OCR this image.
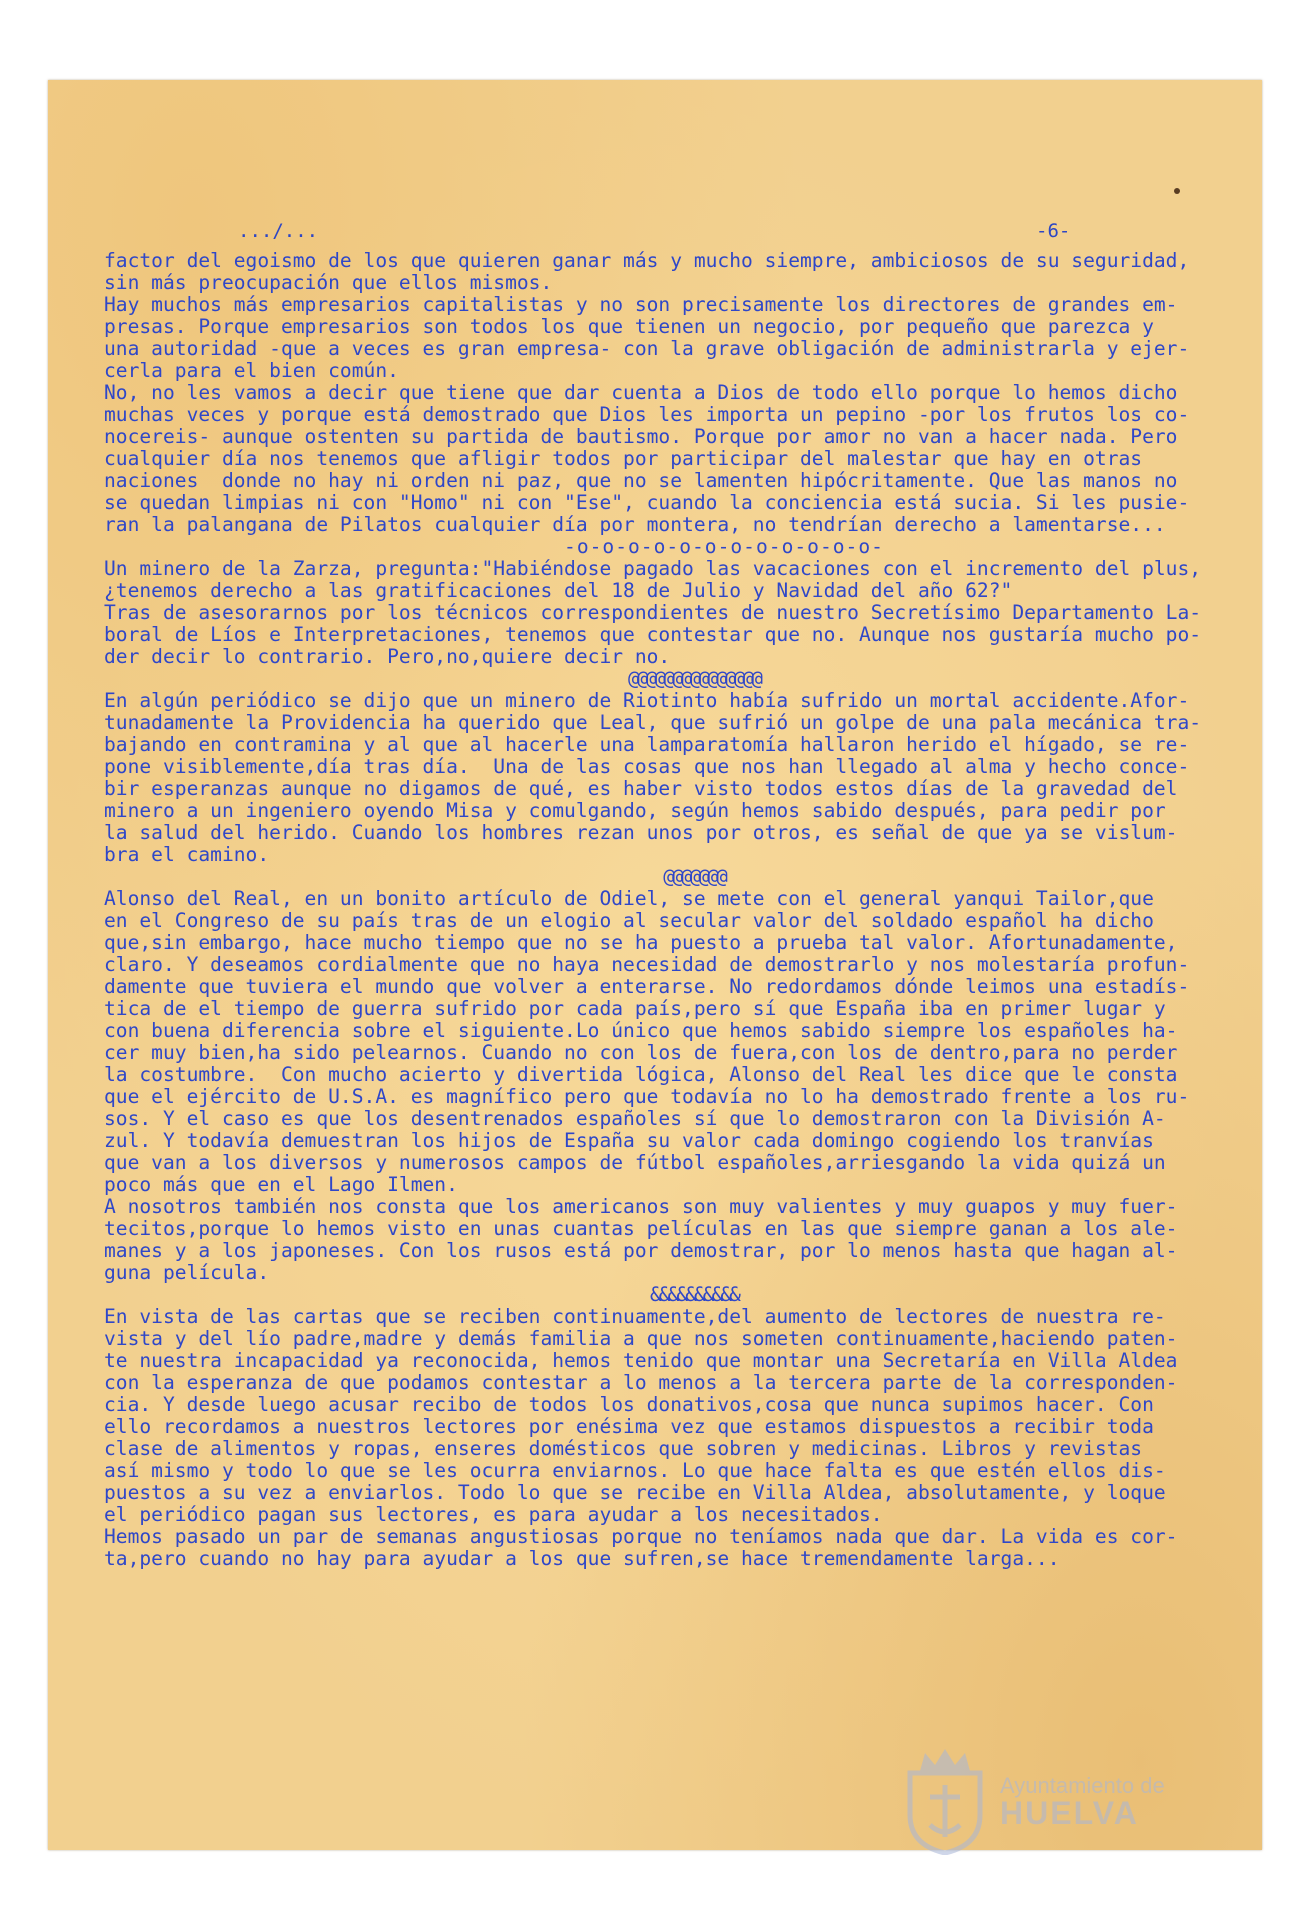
.../...	-6-
factor del egoismo de los que quieren ganar más y mucho siempre, ambiciosos de su seguridad,
sin más preocupación que ellos mismos.
Hay muchos más empresarios capitalistas y no son precisamente los directores de grandes em-
presas. Porque empresarios son todos los que tienen un negocio, por pequeño que parezca y
una autoridad -que a veces es gran empresa- con la grave obligación de administrarla y ejer-
cerla para el bien común.
No, no les vamos a decir que tiene que dar cuenta a Dios de todo ello porque lo hemos dicho
muchas veces y porque está demostrado que Dios les importa un pepino -por los frutos los co-
nocereis- aunque ostenten su partida de bautismo. Porque por amor no van a hacer nada. Pero
cualquier día nos tenemos que afligir todos por participar del malestar que hay en otras
naciones  donde no hay ni orden ni paz, que no se lamenten hipócritamente. Que las manos no
se quedan limpias ni con "Homo" ni con "Ese", cuando la conciencia está sucia. Si les pusie-
ran la palangana de Pilatos cualquier día por montera, no tendrían derecho a lamentarse...
-o-o-o-o-o-o-o-o-o-o-o-o-
Un minero de la Zarza, pregunta:"Habiéndose pagado las vacaciones con el incremento del plus,
¿tenemos derecho a las gratificaciones del 18 de Julio y Navidad del año 62?"
Tras de asesorarnos por los técnicos correspondientes de nuestro Secretísimo Departamento La-
boral de Líos e Interpretaciones, tenemos que contestar que no. Aunque nos gustaría mucho po-
der decir lo contrario. Pero,no,quiere decir no.
@@@@@@@@@@@@@@@
En algún periódico se dijo que un minero de Riotinto había sufrido un mortal accidente.Afor-
tunadamente la Providencia ha querido que Leal, que sufrió un golpe de una pala mecánica tra-
bajando en contramina y al que al hacerle una lamparatomía hallaron herido el hígado, se re-
pone visiblemente,día tras día.  Una de las cosas que nos han llegado al alma y hecho conce-
bir esperanzas aunque no digamos de qué, es haber visto todos estos días de la gravedad del
minero a un ingeniero oyendo Misa y comulgando, según hemos sabido después, para pedir por
la salud del herido. Cuando los hombres rezan unos por otros, es señal de que ya se vislum-
bra el camino.
@@@@@@@
Alonso del Real, en un bonito artículo de Odiel, se mete con el general yanqui Tailor,que
en el Congreso de su país tras de un elogio al secular valor del soldado español ha dicho
que,sin embargo, hace mucho tiempo que no se ha puesto a prueba tal valor. Afortunadamente,
claro. Y deseamos cordialmente que no haya necesidad de demostrarlo y nos molestaría profun-
damente que tuviera el mundo que volver a enterarse. No redordamos dónde leimos una estadís-
tica de el tiempo de guerra sufrido por cada país,pero sí que España iba en primer lugar y
con buena diferencia sobre el siguiente.Lo único que hemos sabido siempre los españoles ha-
cer muy bien,ha sido pelearnos. Cuando no con los de fuera,con los de dentro,para no perder
la costumbre.  Con mucho acierto y divertida lógica, Alonso del Real les dice que le consta
que el ejército de U.S.A. es magnífico pero que todavía no lo ha demostrado frente a los ru-
sos. Y el caso es que los desentrenados españoles sí que lo demostraron con la División A-
zul. Y todavía demuestran los hijos de España su valor cada domingo cogiendo los tranvías
que van a los diversos y numerosos campos de fútbol españoles,arriesgando la vida quizá un
poco más que en el Lago Ilmen.
A nosotros también nos consta que los americanos son muy valientes y muy guapos y muy fuer-
tecitos,porque lo hemos visto en unas cuantas películas en las que siempre ganan a los ale-
manes y a los japoneses. Con los rusos está por demostrar, por lo menos hasta que hagan al-
guna película.
&&&&&&&&&&
En vista de las cartas que se reciben continuamente,del aumento de lectores de nuestra re-
vista y del lío padre,madre y demás familia a que nos someten continuamente,haciendo paten-
te nuestra incapacidad ya reconocida, hemos tenido que montar una Secretaría en Villa Aldea
con la esperanza de que podamos contestar a lo menos a la tercera parte de la corresponden-
cia. Y desde luego acusar recibo de todos los donativos,cosa que nunca supimos hacer. Con
ello recordamos a nuestros lectores por enésima vez que estamos dispuestos a recibir toda
clase de alimentos y ropas, enseres domésticos que sobren y medicinas. Libros y revistas
así mismo y todo lo que se les ocurra enviarnos. Lo que hace falta es que estén ellos dis-
puestos a su vez a enviarlos. Todo lo que se recibe en Villa Aldea, absolutamente, y loque
el periódico pagan sus lectores, es para ayudar a los necesitados.
Hemos pasado un par de semanas angustiosas porque no teníamos nada que dar. La vida es cor-
ta,pero cuando no hay para ayudar a los que sufren,se hace tremendamente larga...
Ayuntamiento de
HUELVA
